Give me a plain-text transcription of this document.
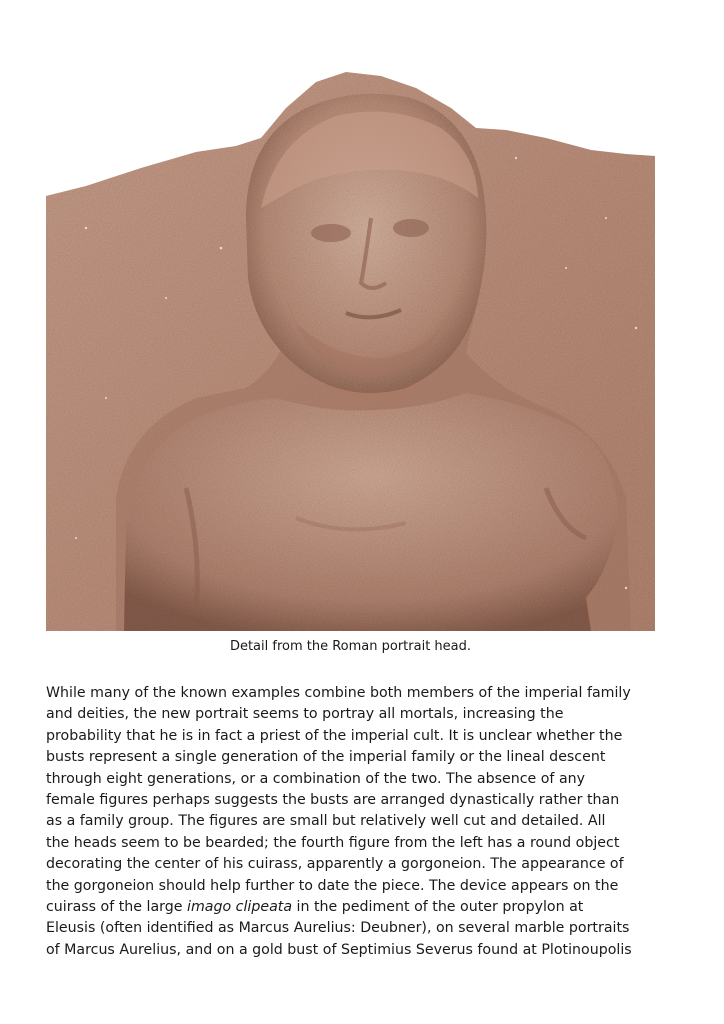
Detail from the Roman portrait head.

While many of the known examples combine both members of the imperial family
and deities, the new portrait seems to portray all mortals, increasing the
probability that he is in fact a priest of the imperial cult. It is unclear whether the
busts represent a single generation of the imperial family or the lineal descent
through eight generations, or a combination of the two. The absence of any
female figures perhaps suggests the busts are arranged dynastically rather than
as a family group. The figures are small but relatively well cut and detailed. All
the heads seem to be bearded; the fourth figure from the left has a round object
decorating the center of his cuirass, apparently a gorgoneion. The appearance of
the gorgoneion should help further to date the piece. The device appears on the
cuirass of the large imago clipeata in the pediment of the outer propylon at
Eleusis (often identified as Marcus Aurelius: Deubner), on several marble portraits
of Marcus Aurelius, and on a gold bust of Septimius Severus found at Plotinoupolis
